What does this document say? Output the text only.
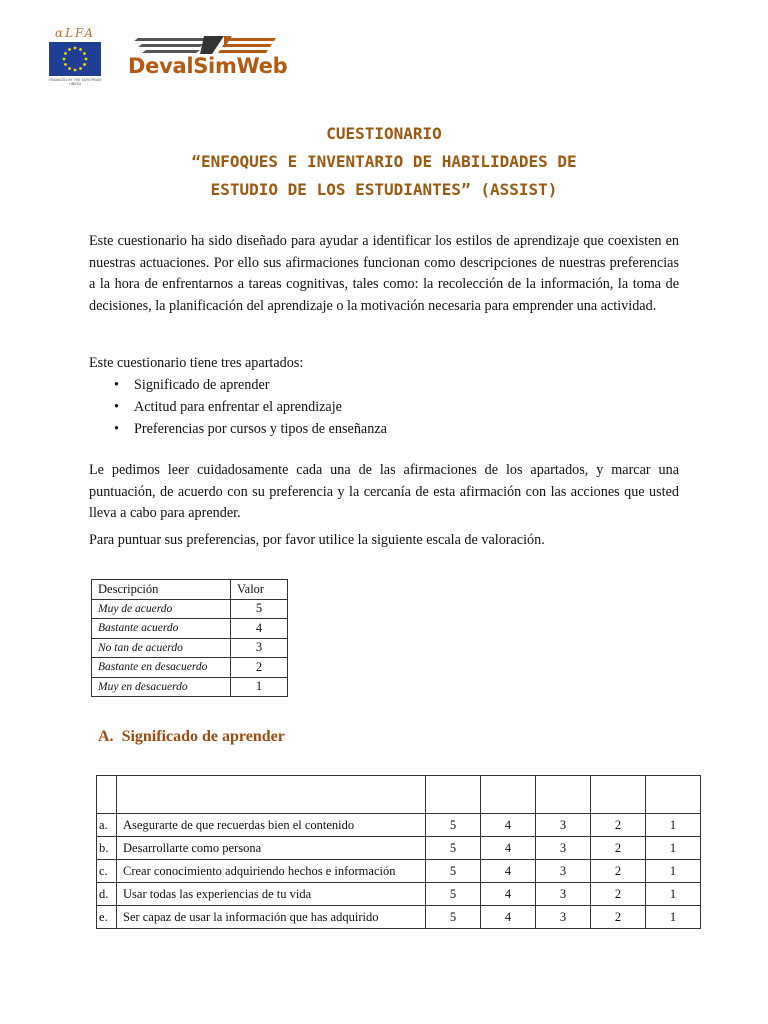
αLFA
FINANCED BY THE EUROPEAN UNION
DevalSimWeb
CUESTIONARIO
“ENFOQUES E INVENTARIO DE HABILIDADES DE
ESTUDIO DE LOS ESTUDIANTES” (ASSIST)
Este cuestionario ha sido diseñado para ayudar a identificar los estilos de aprendizaje que coexisten en nuestras actuaciones. Por ello sus afirmaciones funcionan como descripciones de nuestras preferencias a la hora de enfrentarnos a tareas cognitivas, tales como: la recolección de la información, la toma de decisiones, la planificación del aprendizaje o la motivación necesaria para emprender una actividad.
Este cuestionario tiene tres apartados:
• Significado de aprender
• Actitud para enfrentar el aprendizaje
• Preferencias por cursos y tipos de enseñanza
Le pedimos leer cuidadosamente cada una de las afirmaciones de los apartados, y marcar una puntuación, de acuerdo con su preferencia y la cercanía de esta afirmación con las acciones que usted lleva a cabo para aprender.
Para puntuar sus preferencias, por favor utilice la siguiente escala de valoración.
Descripción	Valor
Muy de acuerdo	5
Bastante acuerdo	4
No tan de acuerdo	3
Bastante en desacuerdo	2
Muy en desacuerdo	1
A. Significado de aprender

a.	Asegurarte de que recuerdas bien el contenido	5	4	3	2	1
b.	Desarrollarte como persona	5	4	3	2	1
c.	Crear conocimiento adquiriendo hechos e información	5	4	3	2	1
d.	Usar todas las experiencias de tu vida	5	4	3	2	1
e.	Ser capaz de usar la información que has adquirido	5	4	3	2	1
